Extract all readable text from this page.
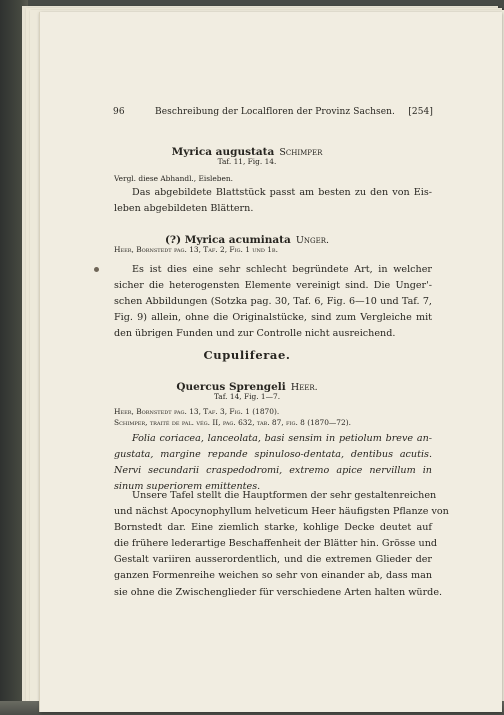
96	Beschreibung der Localfloren der Provinz Sachsen. [254]
Myrica augustata Schimper
Taf. 11, Fig. 14.
Vergl. diese Abhandl., Eisleben.
Das abgebildete Blattstück passt am besten zu den von Eis-
leben abgebildeten Blättern.
(?) Myrica acuminata Unger.
Heer, Bornstedt pag. 13, Taf. 2, Fig. 1 und 1b.
Es ist dies eine sehr schlecht begründete Art, in welcher
sicher die heterogensten Elemente vereinigt sind. Die Unger'-
schen Abbildungen (Sotzka pag. 30, Taf. 6, Fig. 6—10 und Taf. 7,
Fig. 9) allein, ohne die Originalstücke, sind zum Vergleiche mit
den übrigen Funden und zur Controlle nicht ausreichend.
Cupuliferae.
Quercus Sprengeli Heer.
Taf. 14, Fig. 1—7.
Heer, Bornstedt pag. 13, Taf. 3, Fig. 1 (1870).
Schimper, traité de pal. vég. II, pag. 632, tab. 87, fig. 8 (1870—72).
Folia coriacea, lanceolata, basi sensim in petiolum breve an-
gustata, margine repande spinuloso-dentata, dentibus acutis.
Nervi secundarii craspedodromi, extremo apice nervillum in
sinum superiorem emittentes.
Unsere Tafel stellt die Hauptformen der sehr gestaltenreichen
und nächst Apocynophyllum helveticum Heer häufigsten Pflanze von
Bornstedt dar. Eine ziemlich starke, kohlige Decke deutet auf
die frühere lederartige Beschaffenheit der Blätter hin. Grösse und
Gestalt variiren ausserordentlich, und die extremen Glieder der
ganzen Formenreihe weichen so sehr von einander ab, dass man
sie ohne die Zwischenglieder für verschiedene Arten halten würde.
